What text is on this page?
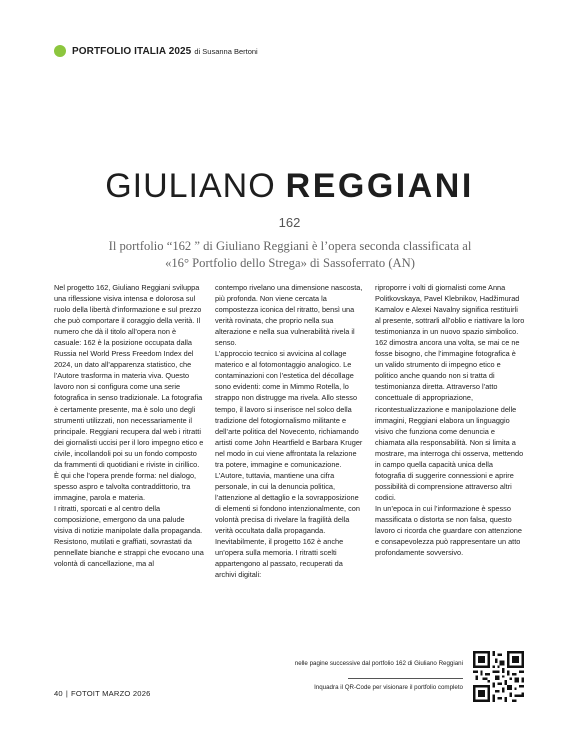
PORTFOLIO ITALIA 2025 di Susanna Bertoni
GIULIANO REGGIANI
162
Il portfolio “162 ” di Giuliano Reggiani è l’opera seconda classificata al «16° Portfolio dello Strega» di Sassoferrato (AN)

Nel progetto 162, Giuliano Reggiani sviluppa una riflessione visiva intensa e dolorosa sul ruolo della libertà d’informazione e sul prezzo che può comportare il coraggio della verità. Il numero che dà il titolo all’opera non è casuale: 162 è la posizione occupata dalla Russia nel World Press Freedom Index del 2024, un dato all’apparenza statistico, che l’Autore trasforma in materia viva. Questo lavoro non si configura come una serie fotografica in senso tradizionale. La fotografia è certamente presente, ma è solo uno degli strumenti utilizzati, non necessariamente il principale. Reggiani recupera dal web i ritratti dei giornalisti uccisi per il loro impegno etico e civile, incollandoli poi su un fondo composto da frammenti di quotidiani e riviste in cirillico. È qui che l’opera prende forma: nel dialogo, spesso aspro e talvolta contraddittorio, tra immagine, parola e materia.

I ritratti, sporcati e al centro della composizione, emergono da una palude visiva di notizie manipolate dalla propaganda. Resistono, mutilati e graffiati, sovrastati da pennellate bianche e strappi che evocano una volontà di cancellazione, ma al

contempo rivelano una dimensione nascosta, più profonda. Non viene cercata la compostezza iconica del ritratto, bensì una verità rovinata, che proprio nella sua alterazione e nella sua vulnerabilità rivela il senso.

L’approccio tecnico si avvicina al collage materico e al fotomontaggio analogico. Le contaminazioni con l’estetica del décollage sono evidenti: come in Mimmo Rotella, lo strappo non distrugge ma rivela. Allo stesso tempo, il lavoro si inserisce nel solco della tradizione del fotogiornalismo militante e dell’arte politica del Novecento, richiamando artisti come John Heartfield e Barbara Kruger nel modo in cui viene affrontata la relazione tra potere, immagine e comunicazione.

L’Autore, tuttavia, mantiene una cifra personale, in cui la denuncia politica, l’attenzione al dettaglio e la sovrapposizione di elementi si fondono intenzionalmente, con volontà precisa di rivelare la fragilità della verità occultata dalla propaganda.

Inevitabilmente, il progetto 162 è anche un’opera sulla memoria. I ritratti scelti appartengono al passato, recuperati da archivi digitali:

riproporre i volti di giornalisti come Anna Politkovskaya, Pavel Klebnikov, Hadžimurad Kamalov e Alexei Navalny significa restituirli al presente, sottrarli all’oblio e riattivare la loro testimonianza in un nuovo spazio simbolico.

162 dimostra ancora una volta, se mai ce ne fosse bisogno, che l’immagine fotografica è un valido strumento di impegno etico e politico anche quando non si tratta di testimonianza diretta. Attraverso l’atto concettuale di appropriazione, ricontestualizzazione e manipolazione delle immagini, Reggiani elabora un linguaggio visivo che funziona come denuncia e chiamata alla responsabilità. Non si limita a mostrare, ma interroga chi osserva, mettendo in campo quella capacità unica della fotografia di suggerire connessioni e aprire possibilità di comprensione attraverso altri codici.

In un’epoca in cui l’informazione è spesso massificata o distorta se non falsa, questo lavoro ci ricorda che guardare con attenzione e consapevolezza può rappresentare un atto profondamente sovversivo.

nelle pagine successive dal portfolio 162 di Giuliano Reggiani
Inquadra il QR-Code per visionare il portfolio completo
40 | FOTOIT MARZO 2026
